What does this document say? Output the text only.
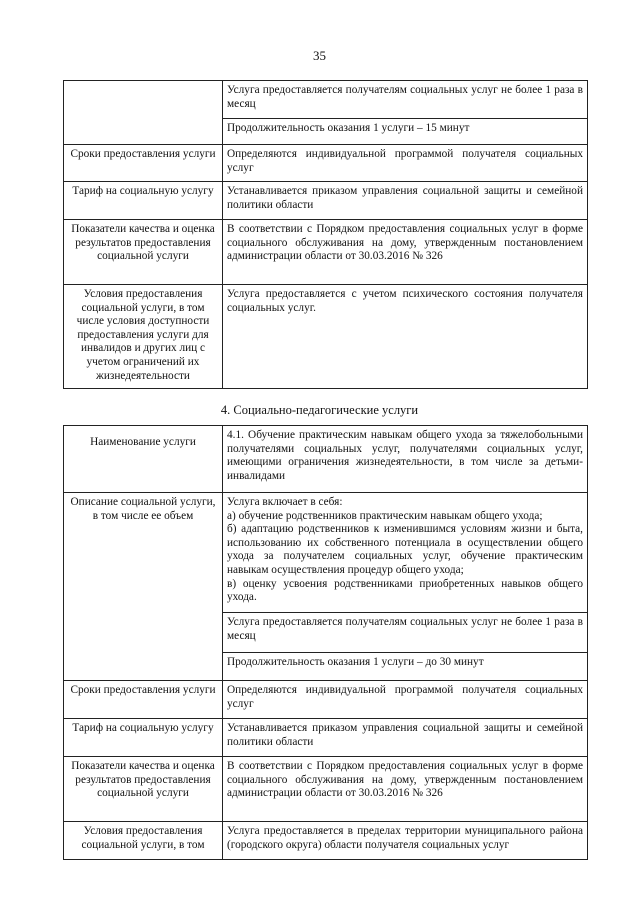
35
	Услуга предоставляется получателям социальных услуг не более 1 раза в месяц
	Продолжительность оказания 1 услуги – 15 минут
Сроки предоставления услуги	Определяются индивидуальной программой получателя социальных услуг
Тариф на социальную услугу	Устанавливается приказом управления социальной защиты и семейной политики области
Показатели качества и оценка результатов предоставления социальной услуги	В соответствии с Порядком предоставления социальных услуг в форме социального обслуживания на дому, утвержденным постановлением администрации области от 30.03.2016 № 326
Условия предоставления социальной услуги, в том числе условия доступности предоставления услуги для инвалидов и других лиц с учетом ограничений их жизнедеятельности	Услуга предоставляется с учетом психического состояния получателя социальных услуг.
4. Социально-педагогические услуги
Наименование услуги	4.1. Обучение практическим навыкам общего ухода за тяжелобольными получателями социальных услуг, получателями социальных услуг, имеющими ограничения жизнедеятельности, в том числе за детьми-инвалидами
Описание социальной услуги, в том числе ее объем	Услуга включает в себя:

а) обучение родственников практическим навыкам общего ухода;

б) адаптацию родственников к изменившимся условиям жизни и быта, использованию их собственного потенциала в осуществлении общего ухода за получателем социальных услуг, обучение практическим навыкам осуществления процедур общего ухода;

в) оценку усвоения родственниками приобретенных навыков общего ухода.

	Услуга предоставляется получателям социальных услуг не более 1 раза в месяц
	Продолжительность оказания 1 услуги – до 30 минут
Сроки предоставления услуги	Определяются индивидуальной программой получателя социальных услуг
Тариф на социальную услугу	Устанавливается приказом управления социальной защиты и семейной политики области
Показатели качества и оценка результатов предоставления социальной услуги	В соответствии с Порядком предоставления социальных услуг в форме социального обслуживания на дому, утвержденным постановлением администрации области от 30.03.2016 № 326
Условия предоставления социальной услуги, в том	Услуга предоставляется в пределах территории муниципального района (городского округа) области получателя социальных услуг
